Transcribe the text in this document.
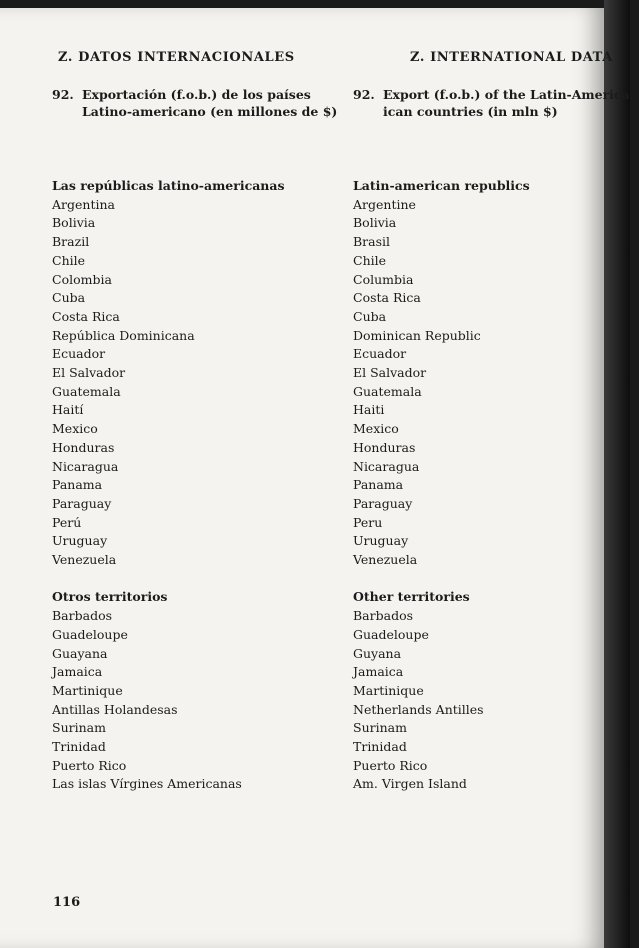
Z. DATOS INTERNACIONALES	Z. INTERNATIONAL DATA
92. Exportación (f.o.b.) de los países
Latino-americano (en millones de $)
92. Export (f.o.b.) of the Latin-American
ican countries (in mln $)
Las repúblicas latino-americanas
Argentina
Bolivia
Brazil
Chile
Colombia
Cuba
Costa Rica
República Dominicana
Ecuador
El Salvador
Guatemala
Haití
Mexico
Honduras
Nicaragua
Panama
Paraguay
Perú
Uruguay
Venezuela
Otros territorios
Barbados
Guadeloupe
Guayana
Jamaica
Martinique
Antillas Holandesas
Surinam
Trinidad
Puerto Rico
Las islas Vírgines Americanas
Latin-american republics
Argentine
Bolivia
Brasil
Chile
Columbia
Costa Rica
Cuba
Dominican Republic
Ecuador
El Salvador
Guatemala
Haiti
Mexico
Honduras
Nicaragua
Panama
Paraguay
Peru
Uruguay
Venezuela
Other territories
Barbados
Guadeloupe
Guyana
Jamaica
Martinique
Netherlands Antilles
Surinam
Trinidad
Puerto Rico
Am. Virgen Island
116
